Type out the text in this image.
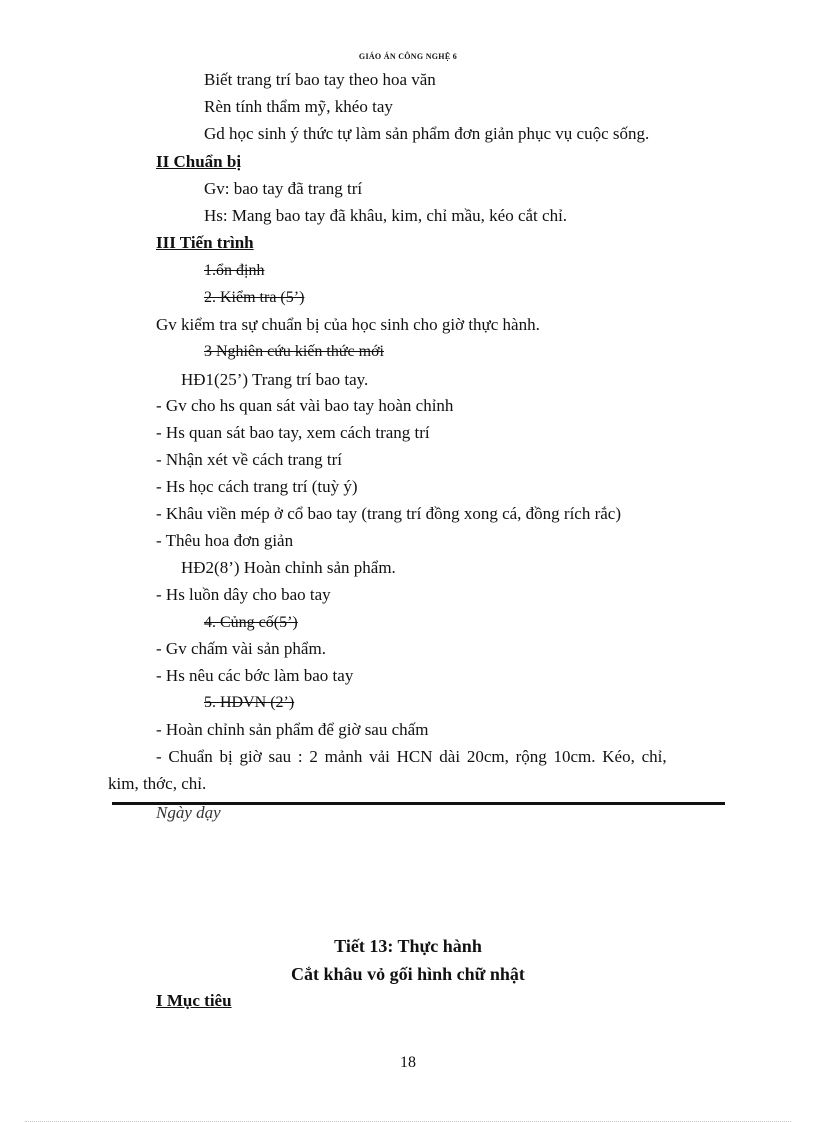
GIÁO ÁN CÔNG NGHỆ 6
Biết trang trí bao tay theo hoa văn
Rèn tính thẩm mỹ, khéo tay
Gd học sinh ý thức tự làm sản phẩm đơn giản phục vụ cuộc sống.
II Chuẩn bị
Gv: bao tay đã trang trí
Hs: Mang bao tay đã khâu, kim, chỉ mầu, kéo cắt chỉ.
III Tiến trình
1.ổn định
2. Kiểm tra (5’)
Gv kiểm tra sự chuẩn bị của học sinh cho giờ thực hành.
3 Nghiên cứu kiến thức mới
HĐ1(25’) Trang trí bao tay.
- Gv cho hs quan sát vài bao tay hoàn chỉnh
- Hs quan sát bao tay, xem cách trang trí
- Nhận xét về cách trang trí
- Hs học cách trang trí (tuỳ ý)
- Khâu viền mép ở cổ bao tay (trang trí đồng xong cá, đồng rích rắc)
- Thêu hoa đơn giản
HĐ2(8’) Hoàn chỉnh sản phẩm.
- Hs luồn dây cho bao tay
4. Củng cố(5’)
- Gv chấm vài sản phẩm.
- Hs nêu các bớc làm bao tay
5. HDVN (2’)
- Hoàn chỉnh sản phẩm để giờ sau chấm
- Chuẩn bị giờ sau : 2 mảnh vải HCN dài 20cm, rộng 10cm. Kéo, chỉ,
kim, thớc, chỉ.
Ngày dạy
Tiết 13: Thực hành
Cắt khâu vỏ gối hình chữ nhật
I Mục tiêu
18
